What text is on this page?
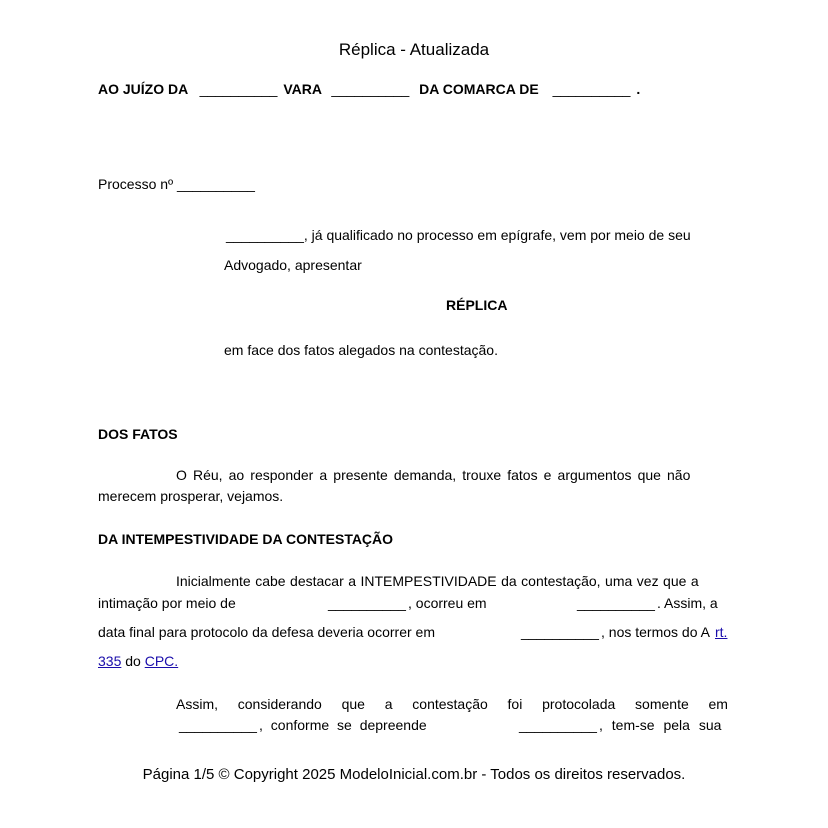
Réplica - Atualizada
AO JUÍZO DA __________ VARA __________ DA COMARCA DE __________ .
Processo nº __________
__________, já qualificado no processo em epígrafe, vem por meio de seu
Advogado, apresentar
RÉPLICA
em face dos fatos alegados na contestação.
DOS FATOS
O Réu, ao responder a presente demanda, trouxe fatos e argumentos que não
merecem prosperar, vejamos.
DA INTEMPESTIVIDADE DA CONTESTAÇÃO
Inicialmente cabe destacar a INTEMPESTIVIDADE da contestação, uma vez que a
intimação por meio de	__________ , ocorreu em	__________ . Assim, a
data final para protocolo da defesa deveria ocorrer em	__________ , nos termos do A rt.
335 do CPC.
Assim, considerando que a contestação foi protocolada somente em
__________ , conforme se depreende	__________ , tem-se pela sua
Página 1/5 © Copyright 2025 ModeloInicial.com.br - Todos os direitos reservados.
